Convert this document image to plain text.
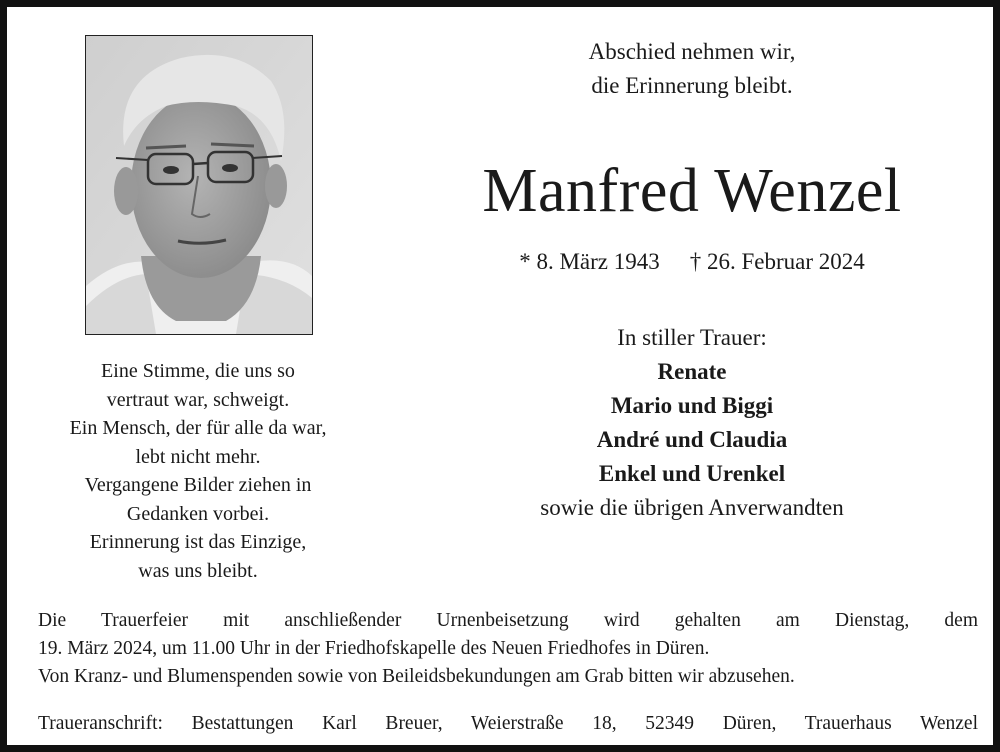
Abschied nehmen wir,
die Erinnerung bleibt.
Manfred Wenzel
* 8. März 1943 † 26. Februar 2024
Eine Stimme, die uns so
vertraut war, schweigt.
Ein Mensch, der für alle da war,
lebt nicht mehr.
Vergangene Bilder ziehen in
Gedanken vorbei.
Erinnerung ist das Einzige,
was uns bleibt.
In stiller Trauer:
Renate
Mario und Biggi
André und Claudia
Enkel und Urenkel
sowie die übrigen Anverwandten
Die Trauerfeier mit anschließender Urnenbeisetzung wird gehalten am Dienstag, dem
19. März 2024, um 11.00 Uhr in der Friedhofskapelle des Neuen Friedhofes in Düren.
Von Kranz- und Blumenspenden sowie von Beileidsbekundungen am Grab bitten wir abzusehen.
Traueranschrift: Bestattungen Karl Breuer, Weierstraße 18, 52349 Düren, Trauerhaus Wenzel
